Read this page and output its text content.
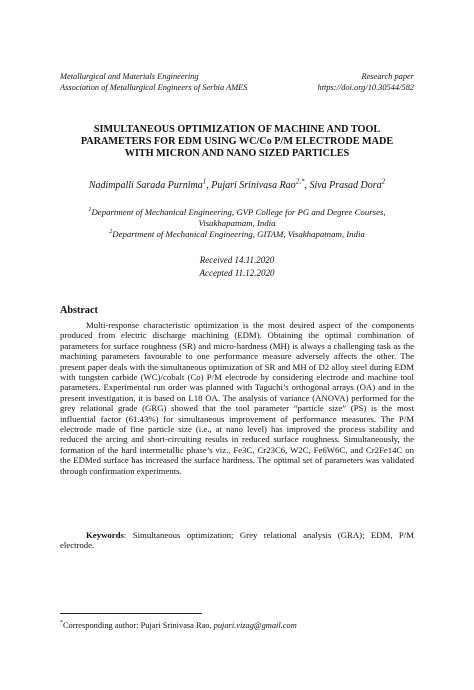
Metallurgical and Materials Engineering
Association of Metallurgical Engineers of Serbia AMES
Research paper
https://doi.org/10.30544/582
SIMULTANEOUS OPTIMIZATION OF MACHINE AND TOOL
PARAMETERS FOR EDM USING WC/Co P/M ELECTRODE MADE
WITH MICRON AND NANO SIZED PARTICLES
Nadimpalli Sarada Purnima$^1$, Pujari Srinivasa Rao$^{2,*}$, Siva Prasad Dora$^2$
$^1$Department of Mechanical Engineering, GVP College for PG and Degree Courses,
Visakhapatnam, India
$^2$Department of Mechanical Engineering, GITAM, Visakhapatnam, India
Received 14.11.2020
Accepted 11.12.2020
Abstract

Multi-response characteristic optimization is the most desired aspect of the components produced from electric discharge machining (EDM). Obtaining the optimal combination of parameters for surface roughness (SR) and micro-hardness (MH) is always a challenging task as the machining parameters favourable to one performance measure adversely affects the other. The present paper deals with the simultaneous optimization of SR and MH of D2 alloy steel during EDM with tungsten carbide (WC)/cobalt (Co) P/M electrode by considering electrode and machine tool parameters. Experimental run order was planned with Taguchi’s orthogonal arrays (OA) and in the present investigation, it is based on L18 OA. The analysis of variance (ANOVA) performed for the grey relational grade (GRG) showed that the tool parameter “particle size” (PS) is the most influential factor (61.43%) for simultaneous improvement of performance measures. The P/M electrode made of fine particle size (i.e., at nano level) has improved the process stability and reduced the arcing and short-circuiting results in reduced surface roughness. Simultaneously, the formation of the hard intermetallic phase’s viz., Fe3C, Cr23C6, W2C, Fe6W6C, and Cr2Fe14C on the EDMed surface has increased the surface hardness. The optimal set of parameters was validated through confirmation experiments.

Keywords: Simultaneous optimization; Grey relational analysis (GRA); EDM, P/M electrode.

*Corresponding author: Pujari Srinivasa Rao, pujari.vizag@gmail.com
